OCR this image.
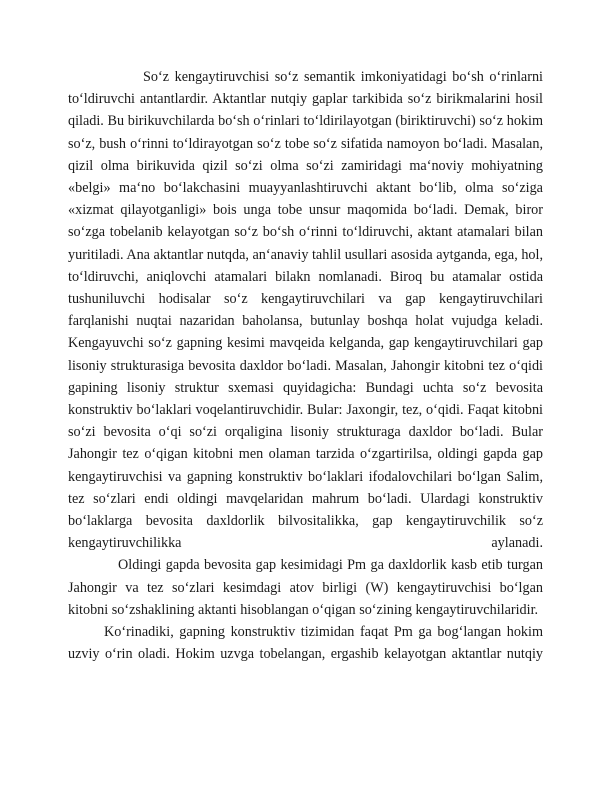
So‘z kengaytiruvchisi so‘z semantik imkoniyatidagi bo‘sh o‘rinlarni to‘ldiruvchi antantlardir. Aktantlar nutqiy gaplar tarkibida so‘z birikmalarini hosil qiladi. Bu birikuvchilarda bo‘sh o‘rinlari to‘ldirilayotgan (biriktiruvchi) so‘z hokim so‘z, bush o‘rinni to‘ldirayotgan so‘z tobe so‘z sifatida namoyon bo‘ladi. Masalan, qizil olma birikuvida qizil so‘zi olma so‘zi zamiridagi ma‘noviy mohiyatning «belgi» ma‘no bo‘lakchasini muayyanlashtiruvchi aktant bo‘lib, olma so‘ziga «xizmat qilayotganligi» bois unga tobe unsur maqomida bo‘ladi. Demak, biror so‘zga tobelanib kelayotgan so‘z bo‘sh o‘rinni to‘ldiruvchi, aktant atamalari bilan yuritiladi. Ana aktantlar nutqda, an‘anaviy tahlil usullari asosida aytganda, ega, hol, to‘ldiruvchi, aniqlovchi atamalari bilakn nomlanadi. Biroq bu atamalar ostida tushuniluvchi hodisalar so‘z kengaytiruvchilari va gap kengaytiruvchilari farqlanishi nuqtai nazaridan baholansa, butunlay boshqa holat vujudga keladi. Kengayuvchi so‘z gapning kesimi mavqeida kelganda, gap kengaytiruvchilari gap lisoniy strukturasiga bevosita daxldor bo‘ladi. Masalan, Jahongir kitobni tez o‘qidi gapining lisoniy struktur sxemasi quyidagicha: Bundagi uchta so‘z bevosita konstruktiv bo‘laklari voqelantiruvchidir. Bular: Jaxongir, tez, o‘qidi. Faqat kitobni so‘zi bevosita o‘qi so‘zi orqaligina lisoniy strukturaga daxldor bo‘ladi. Bular Jahongir tez o‘qigan kitobni men olaman tarzida o‘zgartirilsa, oldingi gapda gap kengaytiruvchisi va gapning konstruktiv bo‘laklari ifodalovchilari bo‘lgan Salim, tez so‘zlari endi oldingi mavqelaridan mahrum bo‘ladi. Ulardagi konstruktiv bo‘laklarga bevosita daxldorlik bilvositalikka, gap kengaytiruvchilik so‘z kengaytiruvchilikka aylanadi.

Oldingi gapda bevosita gap kesimidagi Pm ga daxldorlik kasb etib turgan Jahongir va tez so‘zlari kesimdagi atov birligi (W) kengaytiruvchisi bo‘lgan kitobni so‘zshaklining aktanti hisoblangan o‘qigan so‘zining kengaytiruvchilaridir.

Ko‘rinadiki, gapning konstruktiv tizimidan faqat Pm ga bog‘langan hokim uzviy o‘rin oladi. Hokim uzvga tobelangan, ergashib kelayotgan aktantlar nutqiy
